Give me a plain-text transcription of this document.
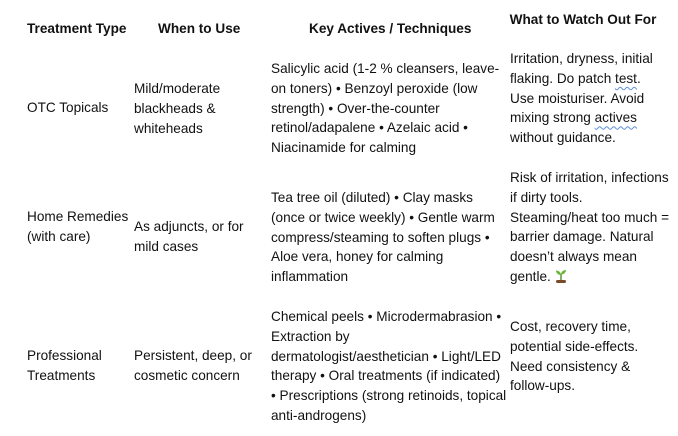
Treatment Type	When to Use	Key Actives / Techniques
What to Watch Out For
OTC Topicals
Mild/moderate blackheads & whiteheads
Salicylic acid (1-2 % cleansers, leave-on toners) • Benzoyl peroxide (low strength) • Over-the-counter retinol/adapalene • Azelaic acid • Niacinamide for calming
Irritation, dryness, initial flaking. Do patch test. Use moisturiser. Avoid mixing strong actives without guidance.
Home Remedies (with care)
As adjuncts, or for mild cases
Tea tree oil (diluted) • Clay masks (once or twice weekly) • Gentle warm compress/steaming to soften plugs • Aloe vera, honey for calming inflammation
Risk of irritation, infections if dirty tools. Steaming/heat too much = barrier damage. Natural doesn’t always mean gentle.
Professional Treatments
Persistent, deep, or cosmetic concern
Chemical peels • Microdermabrasion • Extraction by dermatologist/aesthetician • Light/LED therapy • Oral treatments (if indicated) • Prescriptions (strong retinoids, topical anti-androgens)
Cost, recovery time, potential side-effects. Need consistency & follow-ups.
